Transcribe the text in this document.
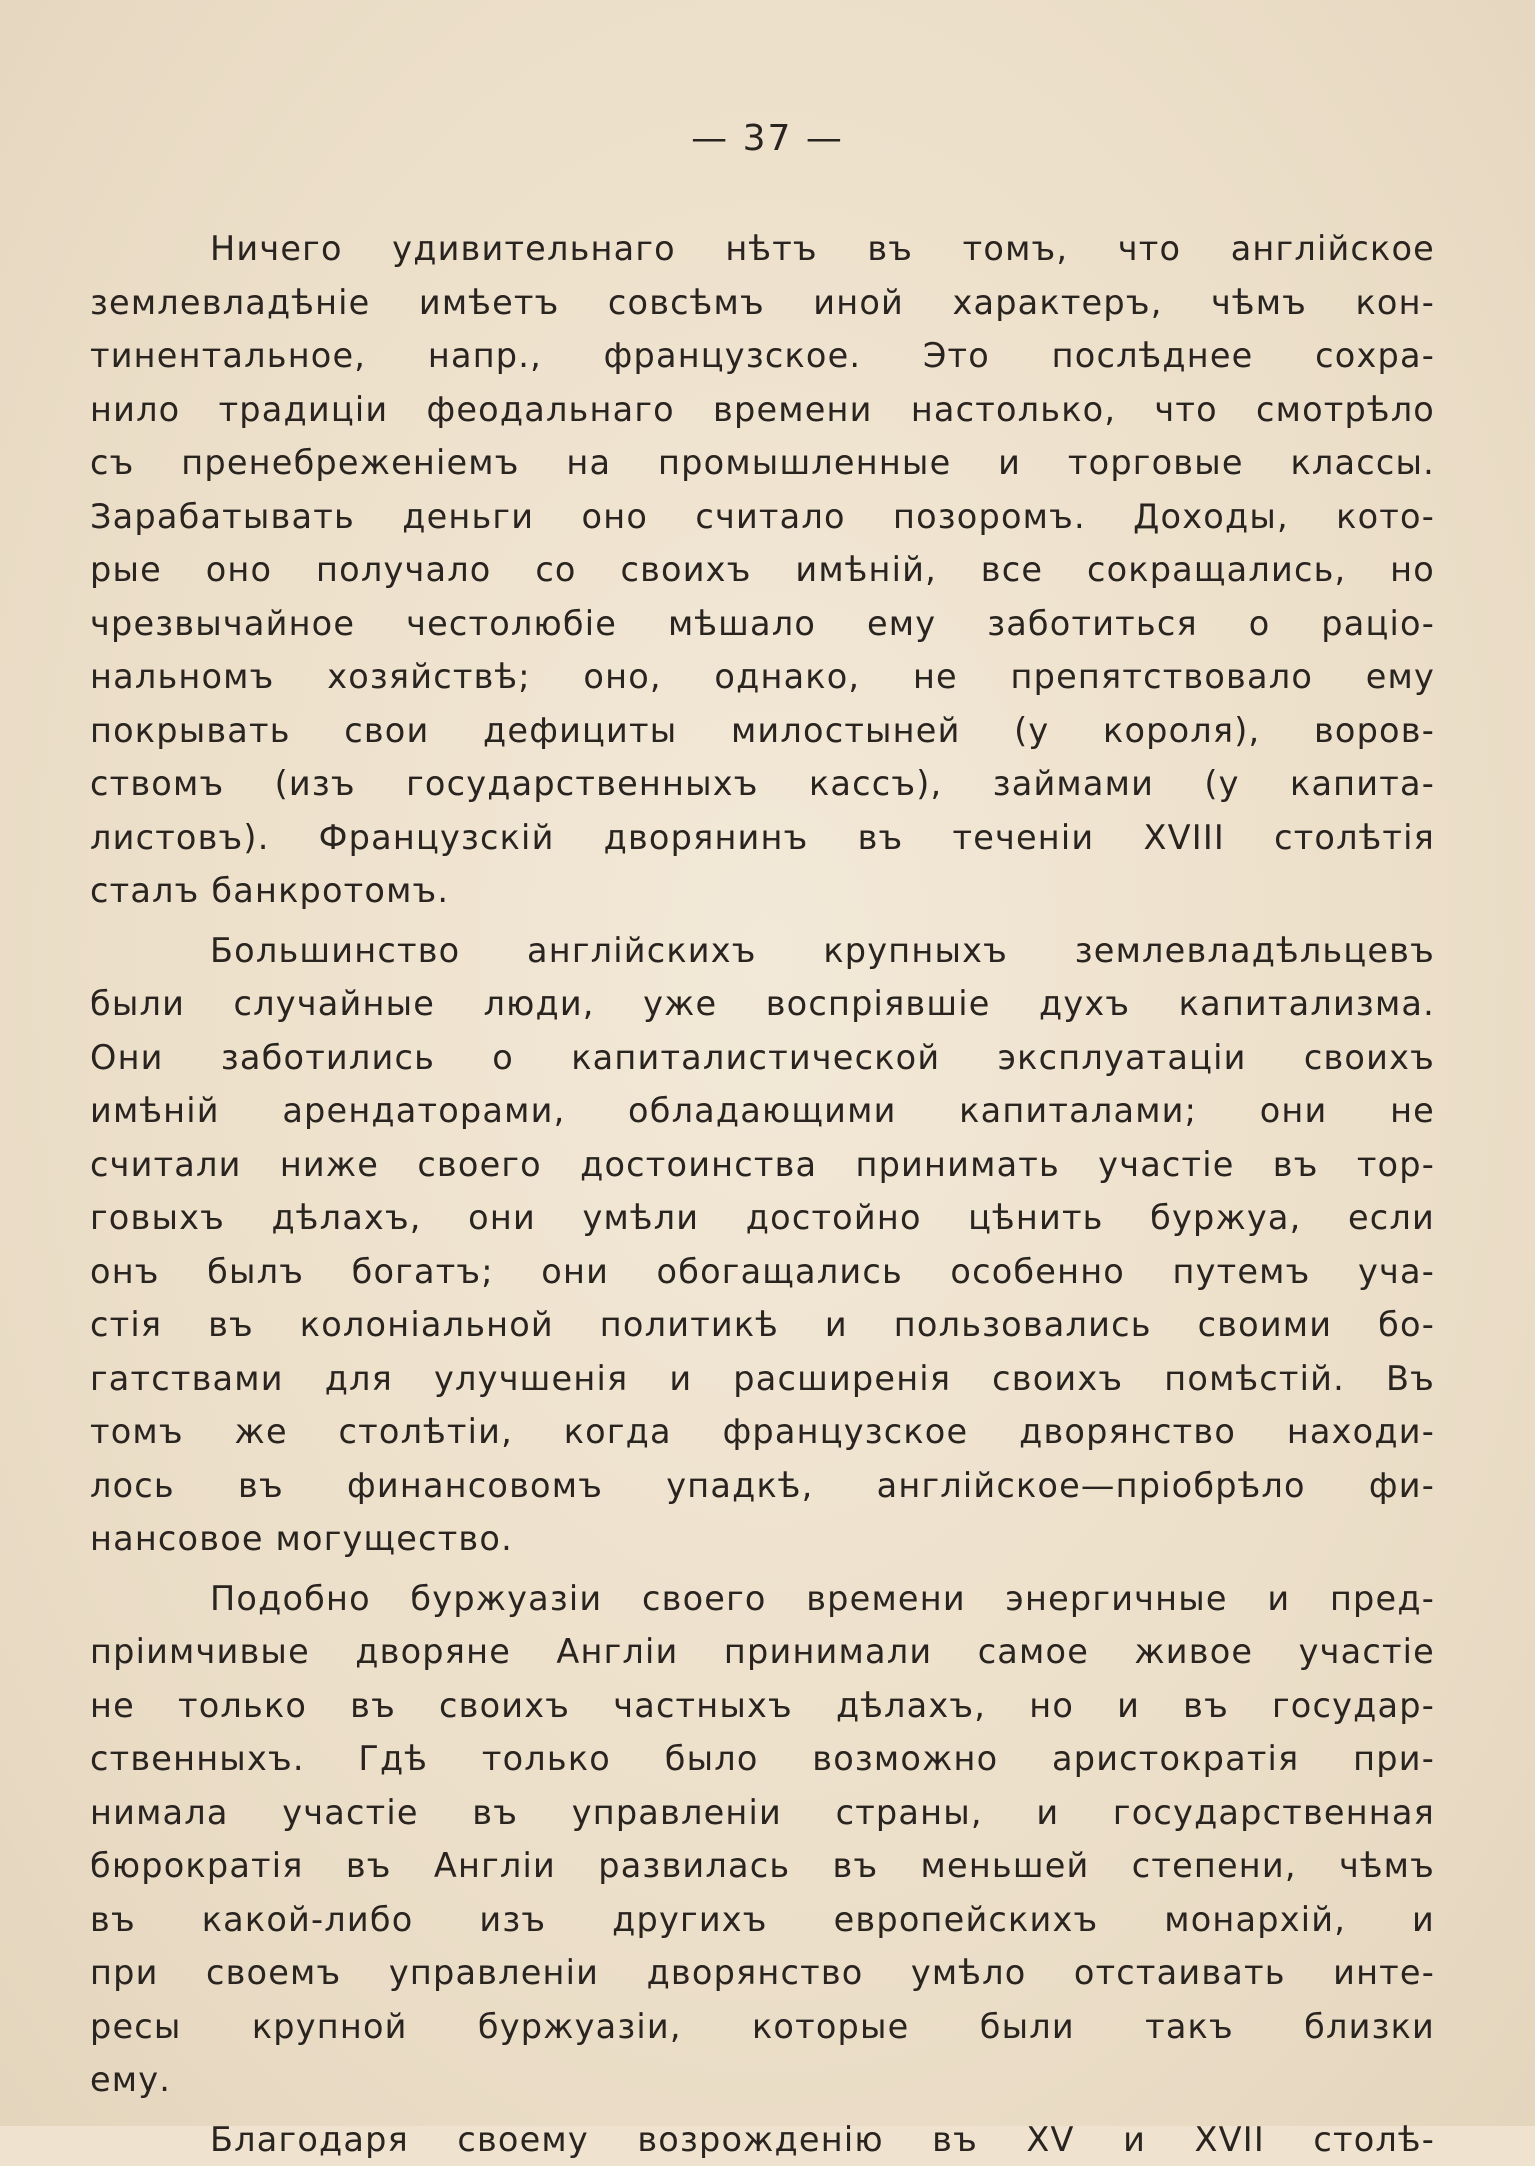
— 37 —
Ничего удивительнаго нѣтъ въ томъ, что англійское
землевладѣніе имѣетъ совсѣмъ иной характеръ, чѣмъ кон-
тинентальное, напр., французское. Это послѣднее сохра-
нило традиціи феодальнаго времени настолько, что смотрѣло
съ пренебреженіемъ на промышленные и торговые классы.
Зарабатывать деньги оно считало позоромъ. Доходы, кото-
рые оно получало со своихъ имѣній, все сокращались, но
чрезвычайное честолюбіе мѣшало ему заботиться о раціо-
нальномъ хозяйствѣ; оно, однако, не препятствовало ему
покрывать свои дефициты милостыней (у короля), воров-
ствомъ (изъ государственныхъ кассъ), займами (у капита-
листовъ). Французскій дворянинъ въ теченіи XVIII столѣтія
сталъ банкротомъ.
Большинство англійскихъ крупныхъ землевладѣльцевъ
были случайные люди, уже воспріявшіе духъ капитализма.
Они заботились о капиталистической эксплуатаціи своихъ
имѣній арендаторами, обладающими капиталами; они не
считали ниже своего достоинства принимать участіе въ тор-
говыхъ дѣлахъ, они умѣли достойно цѣнить буржуа, если
онъ былъ богатъ; они обогащались особенно путемъ уча-
стія въ колоніальной политикѣ и пользовались своими бо-
гатствами для улучшенія и расширенія своихъ помѣстій. Въ
томъ же столѣтіи, когда французское дворянство находи-
лось въ финансовомъ упадкѣ, англійское—пріобрѣло фи-
нансовое могущество.
Подобно буржуазіи своего времени энергичные и пред-
пріимчивые дворяне Англіи принимали самое живое участіе
не только въ своихъ частныхъ дѣлахъ, но и въ государ-
ственныхъ. Гдѣ только было возможно аристократія при-
нимала участіе въ управленіи страны, и государственная
бюрократія въ Англіи развилась въ меньшей степени, чѣмъ
въ какой-либо изъ другихъ европейскихъ монархій, и
при своемъ управленіи дворянство умѣло отстаивать инте-
ресы крупной буржуазіи, которые были такъ близки
ему.
Благодаря своему возрожденію въ XV и XVII столѣ-
